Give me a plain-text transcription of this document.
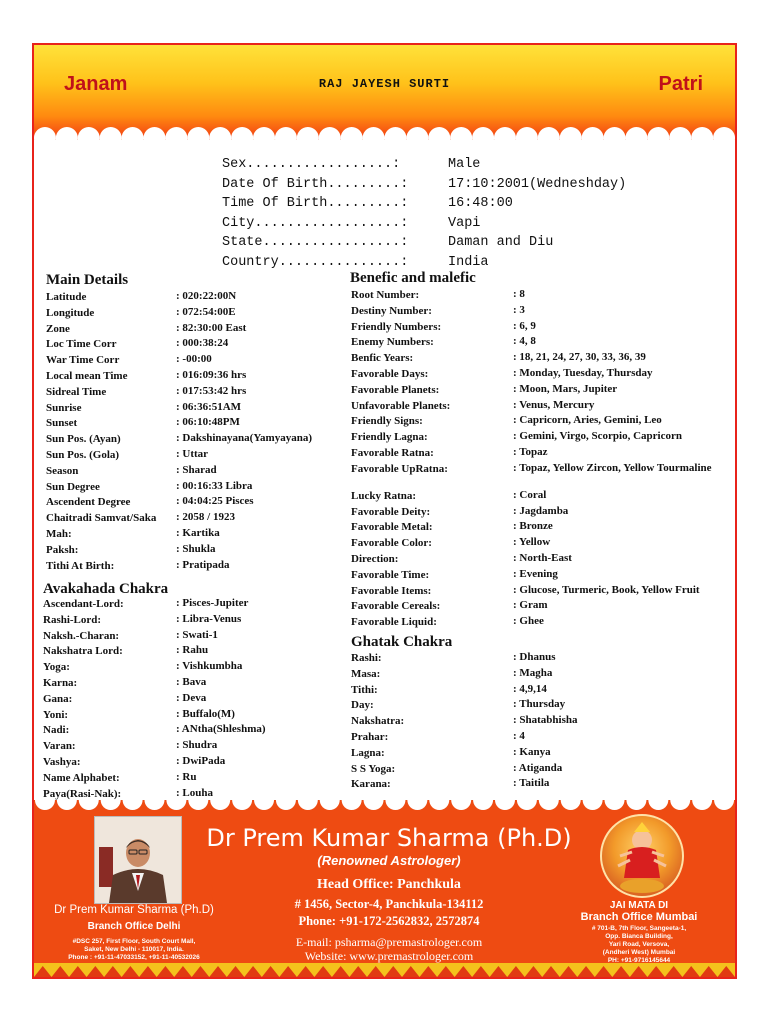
Janam	RAJ JAYESH SURTI	Patri
Sex..................:	Male
Date Of Birth.........:	17:10:2001(Wedneshday)
Time Of Birth.........:	16:48:00
City..................:	Vapi
State.................:	Daman and Diu
Country...............:	India
Main Details
Latitude	: 020:22:00N
Longitude	: 072:54:00E
Zone	: 82:30:00 East
Loc Time Corr	: 000:38:24
War Time Corr	: -00:00
Local mean Time	: 016:09:36 hrs
Sidreal Time	: 017:53:42 hrs
Sunrise	: 06:36:51AM
Sunset	: 06:10:48PM
Sun Pos. (Ayan)	: Dakshinayana(Yamyayana)
Sun Pos. (Gola)	: Uttar
Season	: Sharad
Sun Degree	: 00:16:33 Libra
Ascendent Degree	: 04:04:25 Pisces
Chaitradi Samvat/Saka	: 2058 / 1923
Mah:	: Kartika
Paksh:	: Shukla
Tithi At Birth:	: Pratipada
Avakahada Chakra
Ascendant-Lord:	: Pisces-Jupiter
Rashi-Lord:	: Libra-Venus
Naksh.-Charan:	: Swati-1
Nakshatra Lord:	: Rahu
Yoga:	: Vishkumbha
Karna:	: Bava
Gana:	: Deva
Yoni:	: Buffalo(M)
Nadi:	: ANtha(Shleshma)
Varan:	: Shudra
Vashya:	: DwiPada
Name Alphabet:	: Ru
Paya(Rasi-Nak):	: Louha
Benefic and malefic
Root Number:	: 8
Destiny Number:	: 3
Friendly Numbers:	: 6, 9
Enemy Numbers:	: 4, 8
Benfic Years:	: 18, 21, 24, 27, 30, 33, 36, 39
Favorable Days:	: Monday, Tuesday, Thursday
Favorable Planets:	: Moon, Mars, Jupiter
Unfavorable Planets:	: Venus, Mercury
Friendly Signs:	: Capricorn, Aries, Gemini, Leo
Friendly Lagna:	: Gemini, Virgo, Scorpio, Capricorn
Favorable Ratna:	: Topaz
Favorable UpRatna:	: Topaz, Yellow Zircon, Yellow Tourmaline
Lucky Ratna:	: Coral
Favorable Deity:	: Jagdamba
Favorable Metal:	: Bronze
Favorable Color:	: Yellow
Direction:	: North-East
Favorable Time:	: Evening
Favorable Items:	: Glucose, Turmeric, Book, Yellow Fruit
Favorable Cereals:	: Gram
Favorable Liquid:	: Ghee
Ghatak Chakra
Rashi:	: Dhanus
Masa:	: Magha
Tithi:	: 4,9,14
Day:	: Thursday
Nakshatra:	: Shatabhisha
Prahar:	: 4
Lagna:	: Kanya
S S Yoga:	: Atiganda
Karana:	: Taitila
Dr Prem Kumar Sharma (Ph.D)
(Renowned Astrologer)
Head Office: Panchkula
# 1456, Sector-4, Panchkula-134112
Phone: +91-172-2562832, 2572874
E-mail: psharma@premastrologer.com
Website: www.premastrologer.com
Dr Prem Kumar Sharma (Ph.D)
Branch Office Delhi
#DSC 257, First Floor, South Court Mall,
Saket, New Delhi - 110017, India.
Phone : +91-11-47033152, +91-11-40532026
JAI MATA DI
Branch Office Mumbai
# 701-B, 7th Floor, Sangeeta-1,
Opp. Bianca Building,
Yari Road, Versova,
(Andheri West) Mumbai
PH: +91-9716145644
